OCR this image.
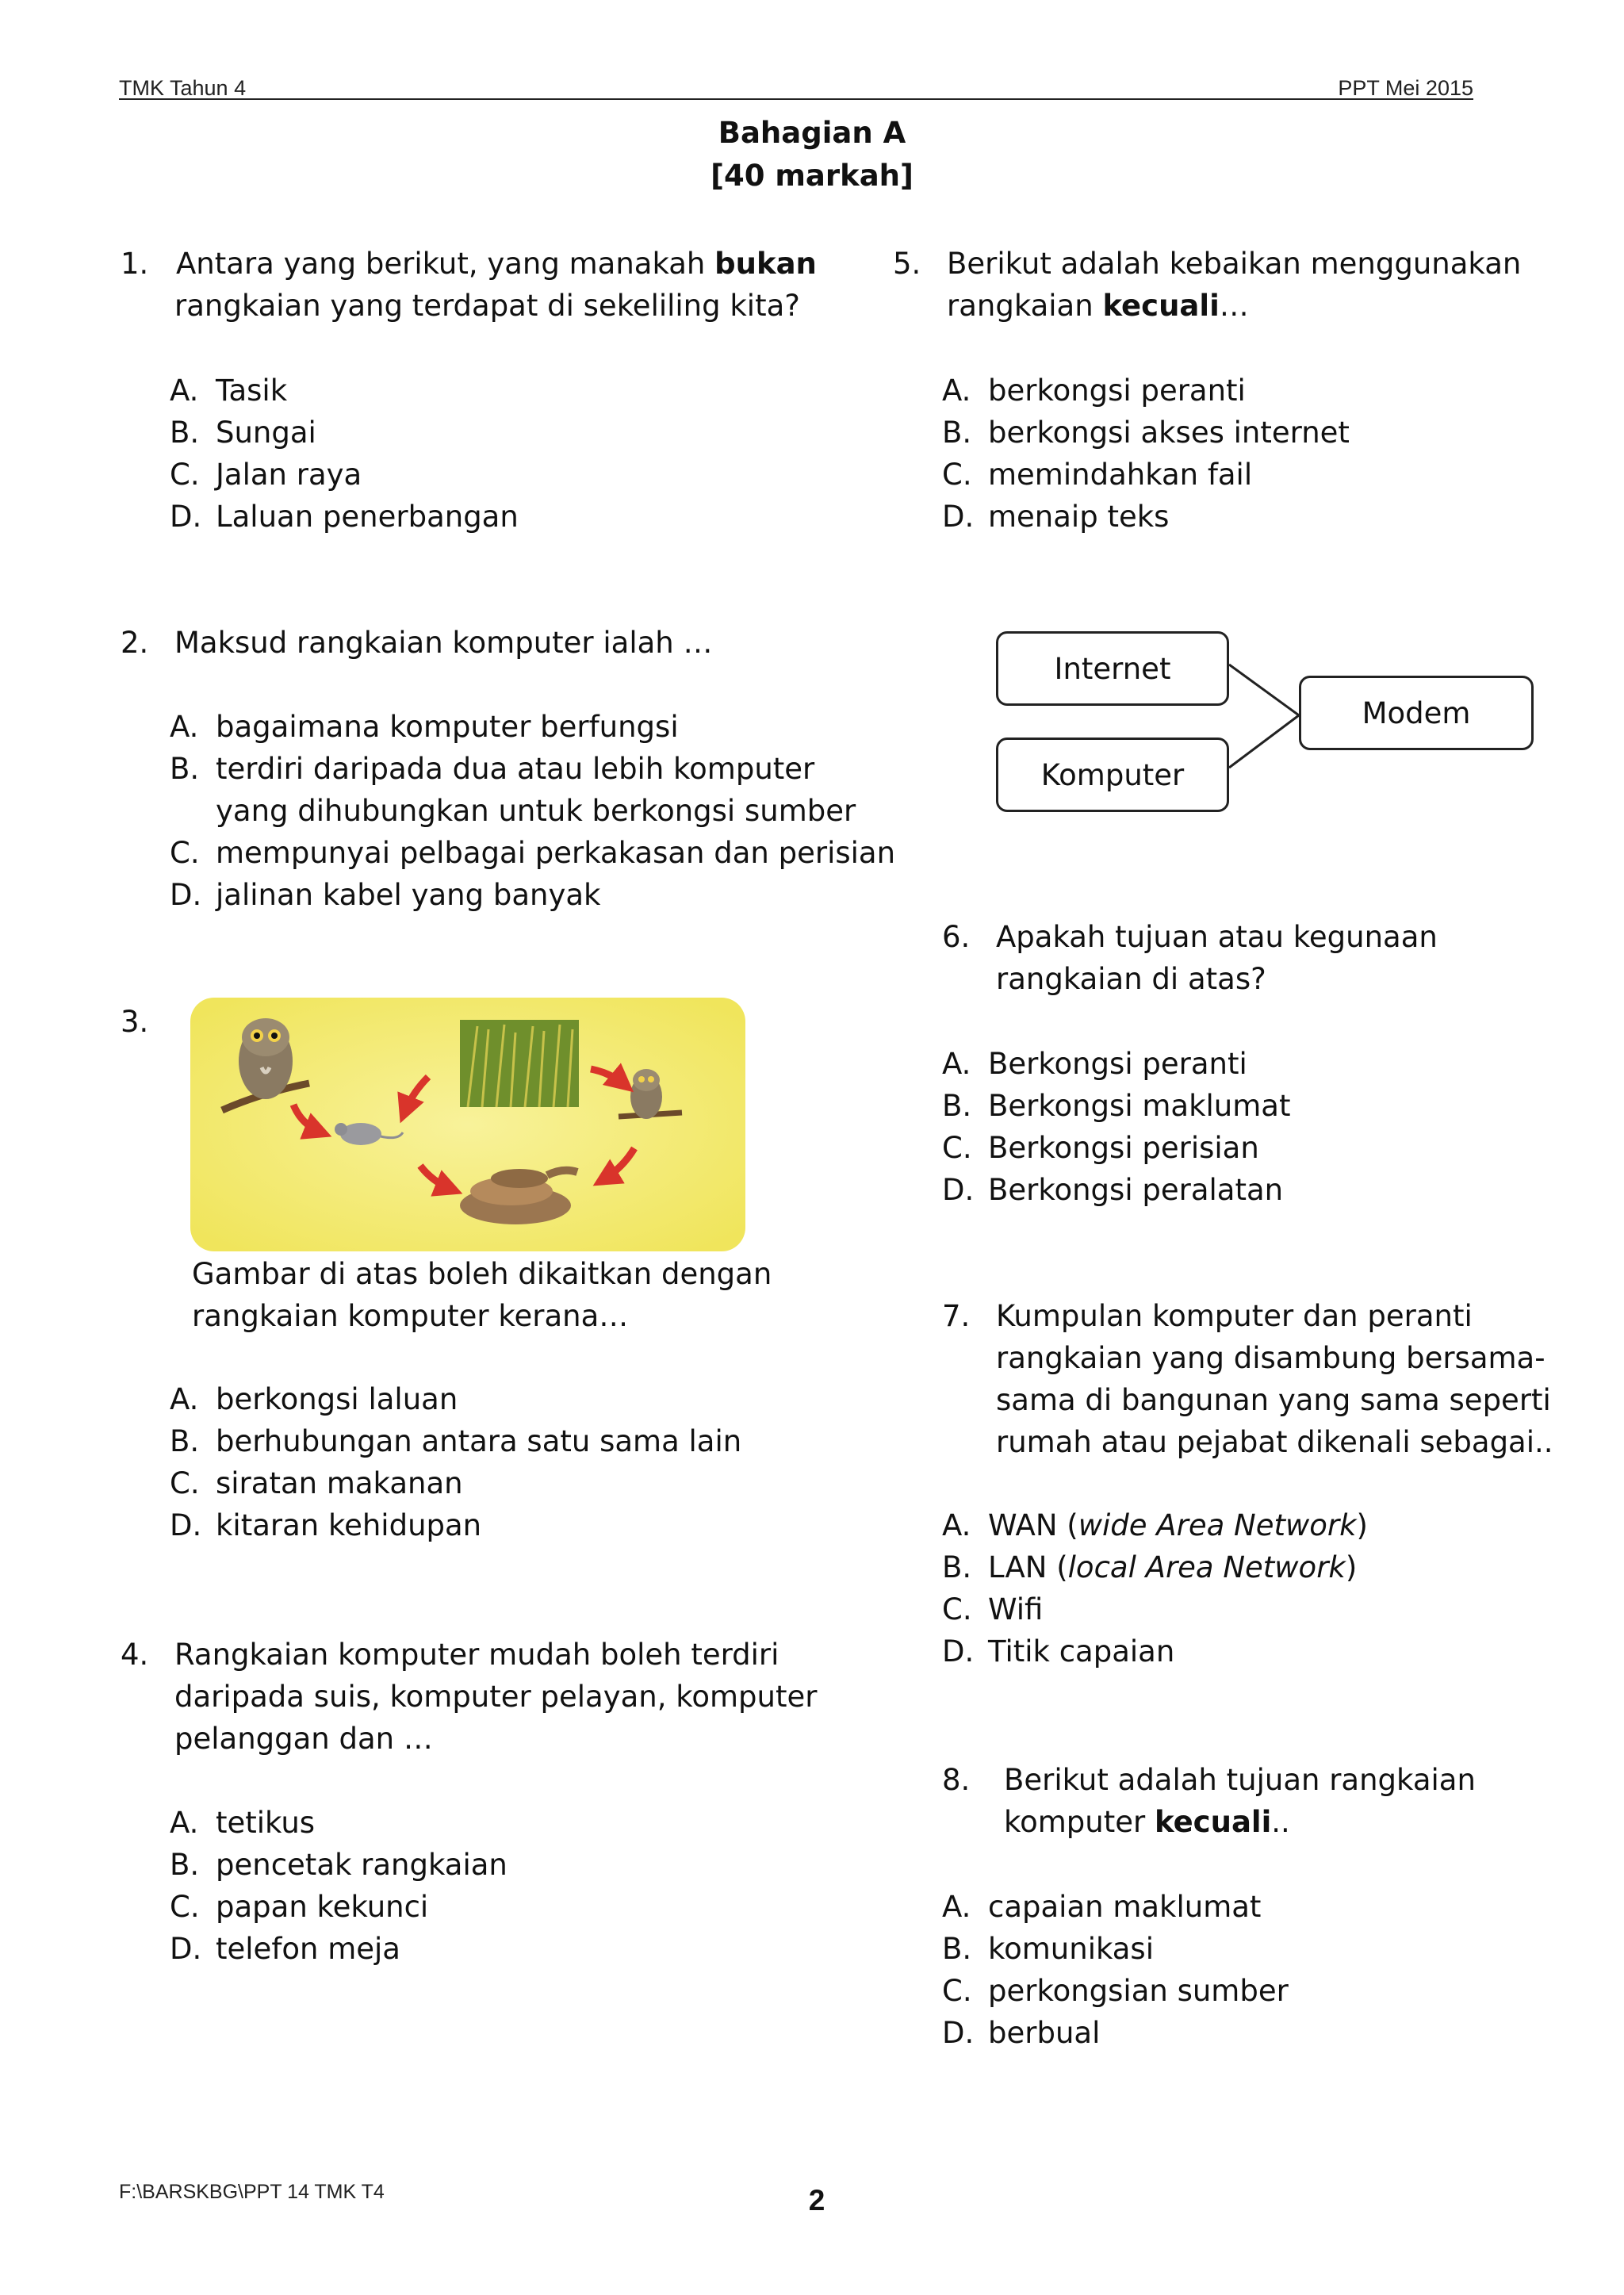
TMK Tahun 4	PPT Mei 2015
Bahagian A
[40 markah]
1. Antara yang berikut, yang manakah bukan
rangkaian yang terdapat di sekeliling kita?
A. Tasik
B. Sungai
C. Jalan raya
D. Laluan penerbangan
2. Maksud rangkaian komputer ialah …
A. bagaimana komputer berfungsi
B. terdiri daripada dua atau lebih komputer
yang dihubungkan untuk berkongsi sumber
C. mempunyai pelbagai perkakasan dan perisian
D. jalinan kabel yang banyak
3.
Gambar di atas boleh dikaitkan dengan
rangkaian komputer kerana…
A. berkongsi laluan
B. berhubungan antara satu sama lain
C. siratan makanan
D. kitaran kehidupan
4. Rangkaian komputer mudah boleh terdiri
daripada suis, komputer pelayan, komputer
pelanggan dan …
A. tetikus
B. pencetak rangkaian
C. papan kekunci
D. telefon meja
5. Berikut adalah kebaikan menggunakan
rangkaian kecuali…
A. berkongsi peranti
B. berkongsi akses internet
C. memindahkan fail
D. menaip teks
Internet
Komputer
Modem
6. Apakah tujuan atau kegunaan
rangkaian di atas?
A. Berkongsi peranti
B. Berkongsi maklumat
C. Berkongsi perisian
D. Berkongsi peralatan
7. Kumpulan komputer dan peranti
rangkaian yang disambung bersama-
sama di bangunan yang sama seperti
rumah atau pejabat dikenali sebagai..
A. WAN (wide Area Network)
B. LAN (local Area Network)
C. Wifi
D. Titik capaian
8. Berikut adalah tujuan rangkaian
komputer kecuali..
A. capaian maklumat
B. komunikasi
C. perkongsian sumber
D. berbual
F:\BARSKBG\PPT 14 TMK T4	2
